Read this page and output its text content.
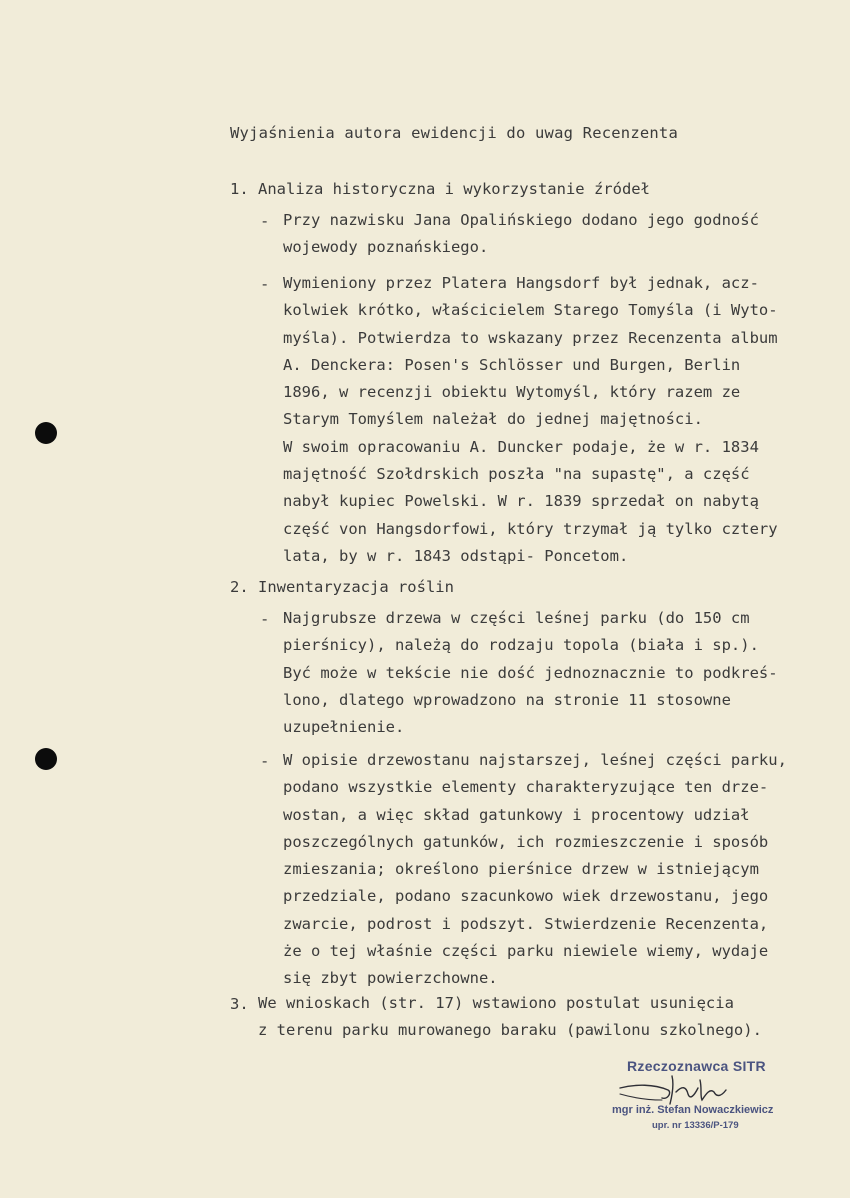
Wyjaśnienia autora ewidencji do uwag Recenzenta
1. Analiza historyczna i wykorzystanie źródeł
- Przy nazwisku Jana Opalińskiego dodano jego godność
wojewody poznańskiego.
- Wymieniony przez Platera Hangsdorf był jednak, acz-
kolwiek krótko, właścicielem Starego Tomyśla (i Wyto-
myśla). Potwierdza to wskazany przez Recenzenta album
A. Denckera: Posen's Schlösser und Burgen, Berlin
1896, w recenzji obiektu Wytomyśl, który razem ze
Starym Tomyślem należał do jednej majętności.
W swoim opracowaniu A. Duncker podaje, że w r. 1834
majętność Szołdrskich poszła "na supastę", a część
nabył kupiec Powelski. W r. 1839 sprzedał on nabytą
część von Hangsdorfowi, który trzymał ją tylko cztery
lata, by w r. 1843 odstąpi- Poncetom.
2. Inwentaryzacja roślin
- Najgrubsze drzewa w części leśnej parku (do 150 cm
pierśnicy), należą do rodzaju topola (biała i sp.).
Być może w tekście nie dość jednoznacznie to podkreś-
lono, dlatego wprowadzono na stronie 11 stosowne
uzupełnienie.
- W opisie drzewostanu najstarszej, leśnej części parku,
podano wszystkie elementy charakteryzujące ten drze-
wostan, a więc skład gatunkowy i procentowy udział
poszczególnych gatunków, ich rozmieszczenie i sposób
zmieszania; określono pierśnice drzew w istniejącym
przedziale, podano szacunkowo wiek drzewostanu, jego
zwarcie, podrost i podszyt. Stwierdzenie Recenzenta,
że o tej właśnie części parku niewiele wiemy, wydaje
się zbyt powierzchowne.
3. We wnioskach (str. 17) wstawiono postulat usunięcia
z terenu parku murowanego baraku (pawilonu szkolnego).
Rzeczoznawca SITR
mgr inż. Stefan Nowaczkiewicz
upr. nr 13336/P-179
